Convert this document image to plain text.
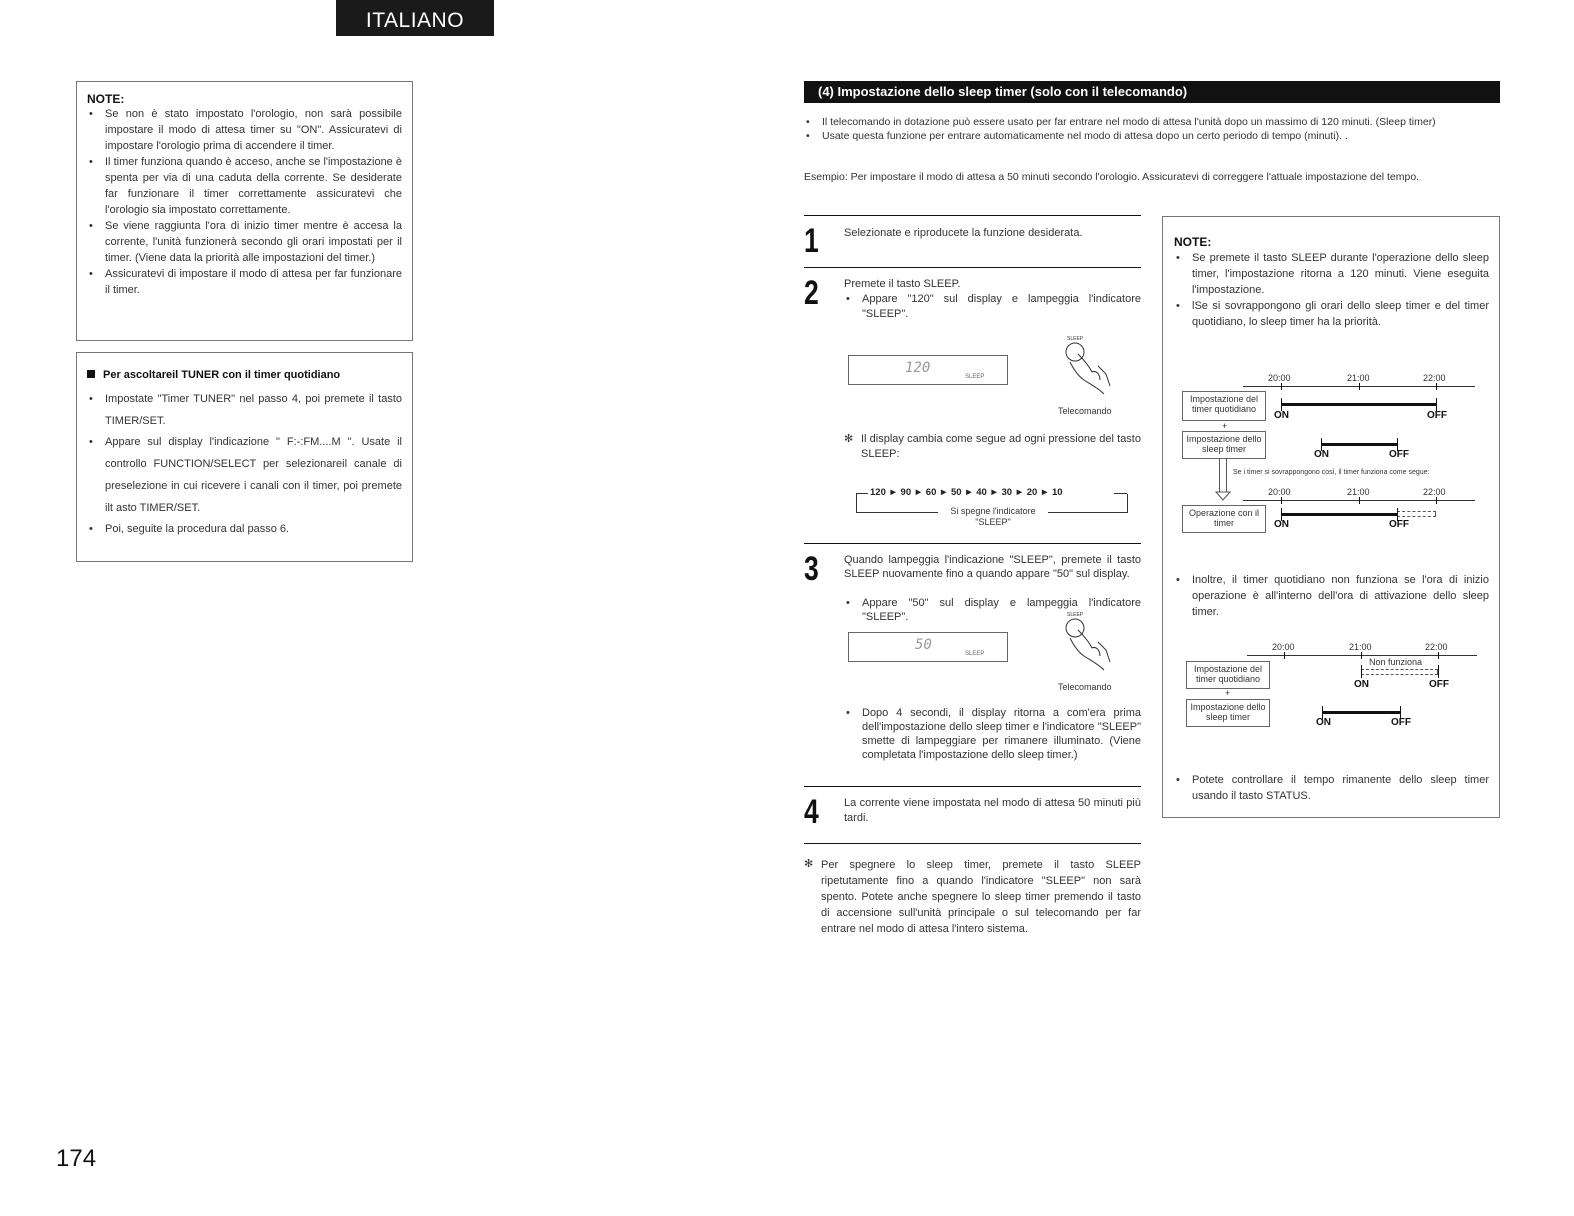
ITALIANO
NOTE:
• Se non è stato impostato l'orologio, non sarà possibile impostare il modo di attesa timer su "ON". Assicuratevi di impostare l'orologio prima di accendere il timer.
• Il timer funziona quando è acceso, anche se l'impostazione è spenta per via di una caduta della corrente. Se desiderate far funzionare il timer correttamente assicuratevi che l'orologio sia impostato correttamente.
• Se viene raggiunta l'ora di inizio timer mentre è accesa la corrente, l'unità funzionerà secondo gli orari impostati per il timer. (Viene data la priorità alle impostazioni del timer.)
• Assicuratevi di impostare il modo di attesa per far funzionare il timer.
Per ascoltareil TUNER con il timer quotidiano
• Impostate "Timer TUNER" nel passo 4, poi premete il tasto TIMER/SET.
• Appare sul display l'indicazione " F:-:FM....M ". Usate il controllo FUNCTION/SELECT per selezionareil canale di preselezione in cui ricevere i canali con il timer, poi premete ilt asto TIMER/SET.
• Poi, seguite la procedura dal passo 6.
174
(4) Impostazione dello sleep timer (solo con il telecomando)
• Il telecomando in dotazione può essere usato per far entrare nel modo di attesa l'unità dopo un massimo di 120 minuti. (Sleep timer)
• Usate questa funzione per entrare automaticamente nel modo di attesa dopo un certo periodo di tempo (minuti). .
Esempio: Per impostare il modo di attesa a 50 minuti secondo l'orologio. Assicuratevi di correggere l'attuale impostazione del tempo.
1 Selezionate e riproducete la funzione desiderata.
2 Premete il tasto SLEEP.
• Appare "120" sul display e lampeggia l'indicatore "SLEEP".
120
SLEEP
SLEEP
Telecomando
✻ Il display cambia come segue ad ogni pressione del tasto SLEEP:
120 ► 90 ► 60 ► 50 ► 40 ► 30 ► 20 ► 10
Si spegne l'indicatore "SLEEP"
3 Quando lampeggia l'indicazione "SLEEP", premete il tasto SLEEP nuovamente fino a quando appare "50" sul display.
• Appare "50" sul display e lampeggia l'indicatore "SLEEP".
50
SLEEP
SLEEP
Telecomando
• Dopo 4 secondi, il display ritorna a com'era prima dell'impostazione dello sleep timer e l'indicatore "SLEEP" smette di lampeggiare per rimanere illuminato. (Viene completata l'impostazione dello sleep timer.)
4 La corrente viene impostata nel modo di attesa 50 minuti più tardi.
✻ Per spegnere lo sleep timer, premete il tasto SLEEP ripetutamente fino a quando l'indicatore "SLEEP" non sarà spento. Potete anche spegnere lo sleep timer premendo il tasto di accensione sull'unità principale o sul telecomando per far entrare nel modo di attesa l'intero sistema.
NOTE:
• Se premete il tasto SLEEP durante l'operazione dello sleep timer, l'impostazione ritorna a 120 minuti. Viene eseguita l'impostazione.
• lSe si sovrappongono gli orari dello sleep timer e del timer quotidiano, lo sleep timer ha la priorità.
20:00	21:00	22:00
Impostazione del timer quotidiano
ON	OFF
+
Impostazione dello sleep timer	ON	OFF
Se i timer si sovrappongono così, il timer funziona come segue:
20:00	21:00	22:00
Operazione con il timer	ON	OFF
• Inoltre, il timer quotidiano non funziona se l'ora di inizio operazione è all'interno dell'ora di attivazione dello sleep timer.
20:00	21:00	22:00
Non funziona
Impostazione del timer quotidiano	ON	OFF
+
Impostazione dello sleep timer	ON	OFF
• Potete controllare il tempo rimanente dello sleep timer usando il tasto STATUS.
